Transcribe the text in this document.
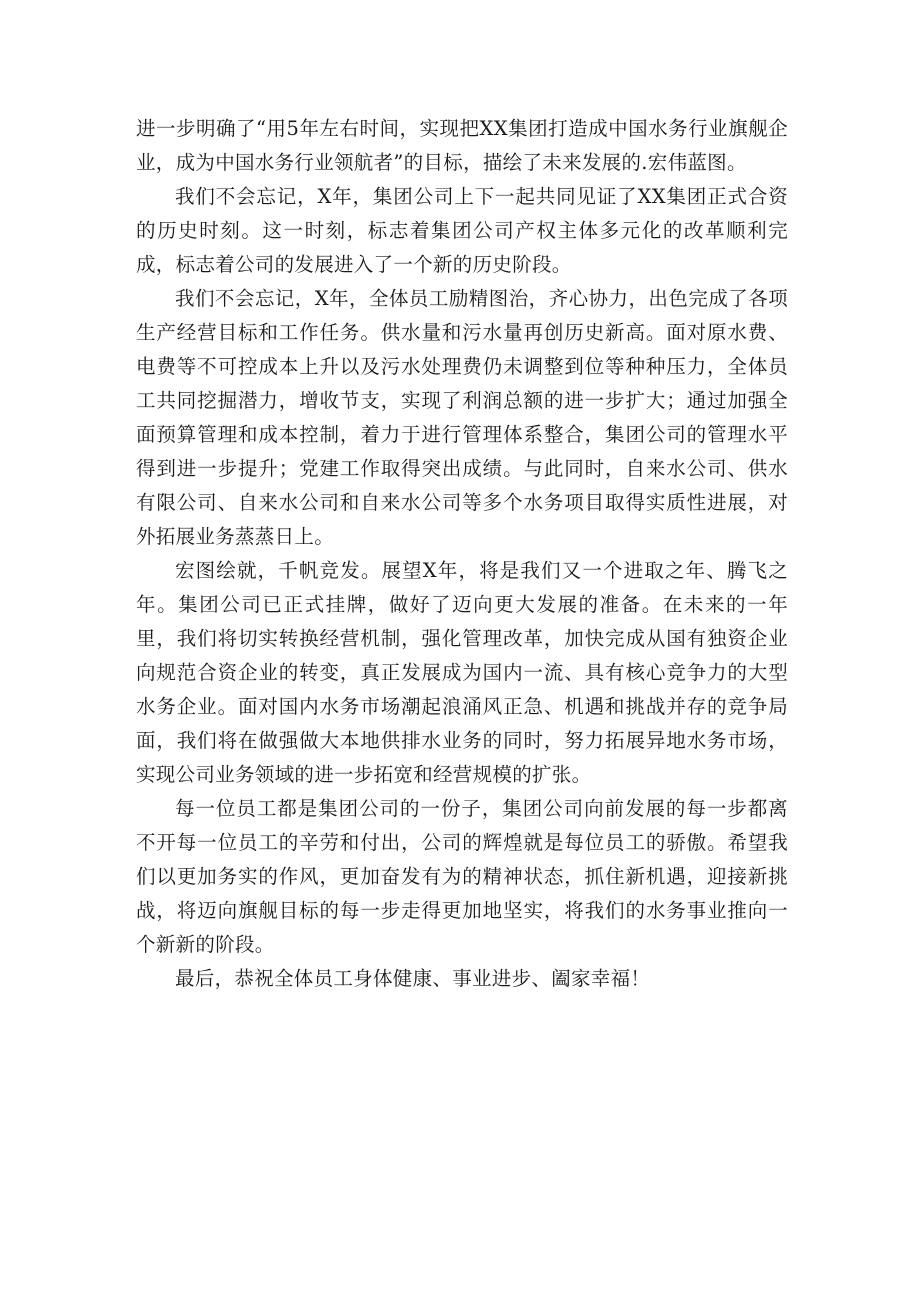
进一步明确了“用5年左右时间，实现把XX集团打造成中国水务行业旗舰企业，成为中国水务行业领航者”的目标，描绘了未来发展的.宏伟蓝图。

我们不会忘记，X年，集团公司上下一起共同见证了XX集团正式合资的历史时刻。这一时刻，标志着集团公司产权主体多元化的改革顺利完成，标志着公司的发展进入了一个新的历史阶段。

我们不会忘记，X年，全体员工励精图治，齐心协力，出色完成了各项生产经营目标和工作任务。供水量和污水量再创历史新高。面对原水费、电费等不可控成本上升以及污水处理费仍未调整到位等种种压力，全体员工共同挖掘潜力，增收节支，实现了利润总额的进一步扩大；通过加强全面预算管理和成本控制，着力于进行管理体系整合，集团公司的管理水平得到进一步提升；党建工作取得突出成绩。与此同时，自来水公司、供水有限公司、自来水公司和自来水公司等多个水务项目取得实质性进展，对外拓展业务蒸蒸日上。

宏图绘就，千帆竞发。展望X年，将是我们又一个进取之年、腾飞之年。集团公司已正式挂牌，做好了迈向更大发展的准备。在未来的一年里，我们将切实转换经营机制，强化管理改革，加快完成从国有独资企业向规范合资企业的转变，真正发展成为国内一流、具有核心竞争力的大型水务企业。面对国内水务市场潮起浪涌风正急、机遇和挑战并存的竞争局面，我们将在做强做大本地供排水业务的同时，努力拓展异地水务市场，实现公司业务领域的进一步拓宽和经营规模的扩张。

每一位员工都是集团公司的一份子，集团公司向前发展的每一步都离不开每一位员工的辛劳和付出，公司的辉煌就是每位员工的骄傲。希望我们以更加务实的作风，更加奋发有为的精神状态，抓住新机遇，迎接新挑战，将迈向旗舰目标的每一步走得更加地坚实，将我们的水务事业推向一个新新的阶段。

最后，恭祝全体员工身体健康、事业进步、阖家幸福！
